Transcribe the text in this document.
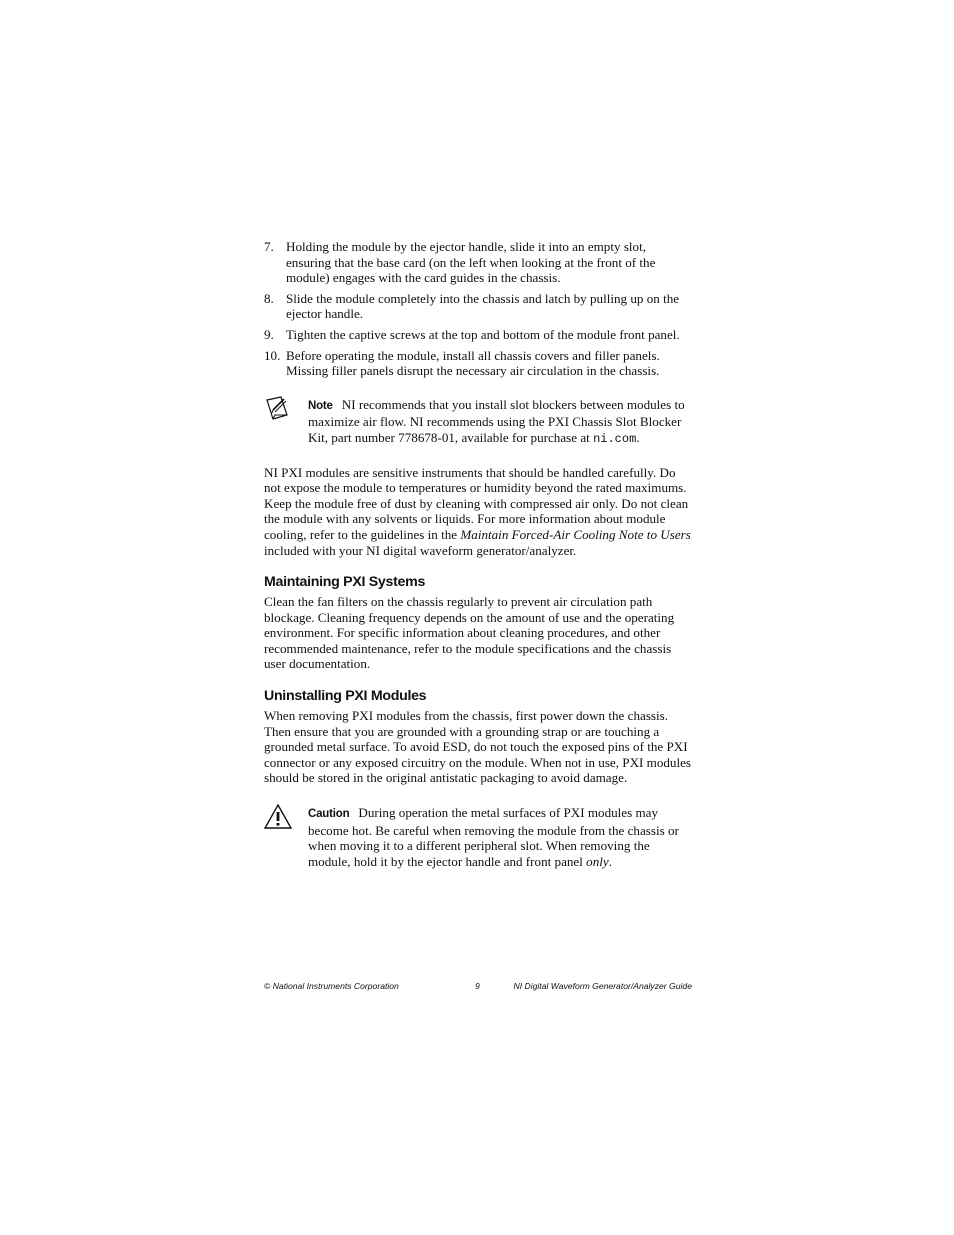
7. Holding the module by the ejector handle, slide it into an empty slot, ensuring that the base card (on the left when looking at the front of the module) engages with the card guides in the chassis.
8. Slide the module completely into the chassis and latch by pulling up on the ejector handle.
9. Tighten the captive screws at the top and bottom of the module front panel.
10. Before operating the module, install all chassis covers and filler panels. Missing filler panels disrupt the necessary air circulation in the chassis.

Note NI recommends that you install slot blockers between modules to maximize air flow. NI recommends using the PXI Chassis Slot Blocker Kit, part number 778678-01, available for purchase at ni.com.

NI PXI modules are sensitive instruments that should be handled carefully. Do not expose the module to temperatures or humidity beyond the rated maximums. Keep the module free of dust by cleaning with compressed air only. Do not clean the module with any solvents or liquids. For more information about module cooling, refer to the guidelines in the Maintain Forced-Air Cooling Note to Users included with your NI digital waveform generator/analyzer.

Maintaining PXI Systems

Clean the fan filters on the chassis regularly to prevent air circulation path blockage. Cleaning frequency depends on the amount of use and the operating environment. For specific information about cleaning procedures, and other recommended maintenance, refer to the module specifications and the chassis user documentation.

Uninstalling PXI Modules

When removing PXI modules from the chassis, first power down the chassis. Then ensure that you are grounded with a grounding strap or are touching a grounded metal surface. To avoid ESD, do not touch the exposed pins of the PXI connector or any exposed circuitry on the module. When not in use, PXI modules should be stored in the original antistatic packaging to avoid damage.

Caution During operation the metal surfaces of PXI modules may become hot. Be careful when removing the module from the chassis or when moving it to a different peripheral slot. When removing the module, hold it by the ejector handle and front panel only.

© National Instruments Corporation	9	NI Digital Waveform Generator/Analyzer Guide
